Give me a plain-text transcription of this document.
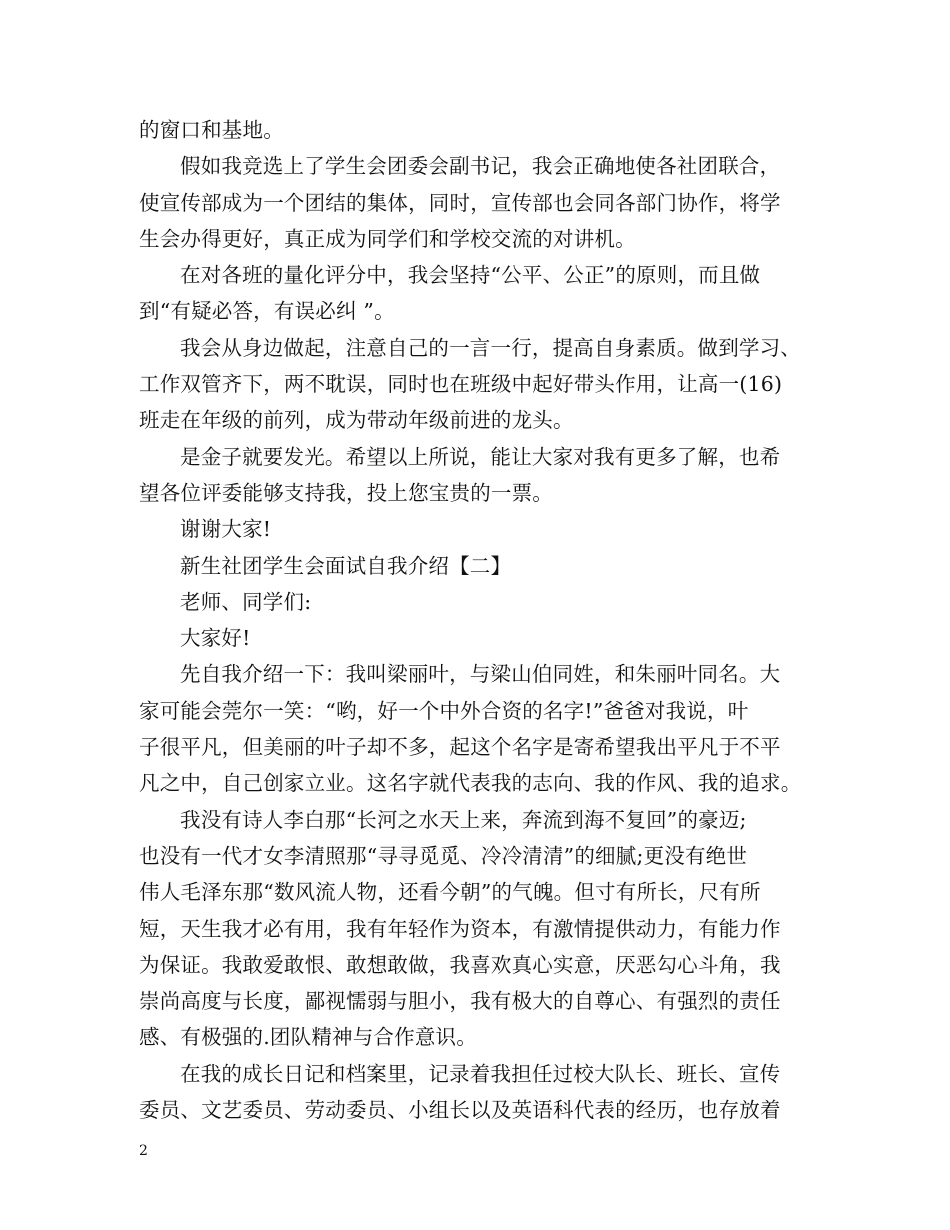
的窗口和基地。
假如我竞选上了学生会团委会副书记，我会正确地使各社团联合，
使宣传部成为一个团结的集体，同时，宣传部也会同各部门协作，将学
生会办得更好，真正成为同学们和学校交流的对讲机。
在对各班的量化评分中，我会坚持“公平、公正”的原则，而且做
到“有疑必答，有误必纠 ”。
我会从身边做起，注意自己的一言一行，提高自身素质。做到学习、
工作双管齐下，两不耽误，同时也在班级中起好带头作用，让高一(16)
班走在年级的前列，成为带动年级前进的龙头。
是金子就要发光。希望以上所说，能让大家对我有更多了解，也希
望各位评委能够支持我，投上您宝贵的一票。
谢谢大家!
新生社团学生会面试自我介绍【二】
老师、同学们:
大家好!
先自我介绍一下：我叫梁丽叶，与梁山伯同姓，和朱丽叶同名。大
家可能会莞尔一笑：“哟，好一个中外合资的名字!”爸爸对我说，叶
子很平凡，但美丽的叶子却不多，起这个名字是寄希望我出平凡于不平
凡之中，自己创家立业。这名字就代表我的志向、我的作风、我的追求。
我没有诗人李白那“长河之水天上来，奔流到海不复回”的豪迈;
也没有一代才女李清照那“寻寻觅觅、冷冷清清”的细腻;更没有绝世
伟人毛泽东那“数风流人物，还看今朝”的气魄。但寸有所长，尺有所
短，天生我才必有用，我有年轻作为资本，有激情提供动力，有能力作
为保证。我敢爱敢恨、敢想敢做，我喜欢真心实意，厌恶勾心斗角，我
崇尚高度与长度，鄙视懦弱与胆小，我有极大的自尊心、有强烈的责任
感、有极强的.团队精神与合作意识。
在我的成长日记和档案里，记录着我担任过校大队长、班长、宣传
委员、文艺委员、劳动委员、小组长以及英语科代表的经历，也存放着
2
